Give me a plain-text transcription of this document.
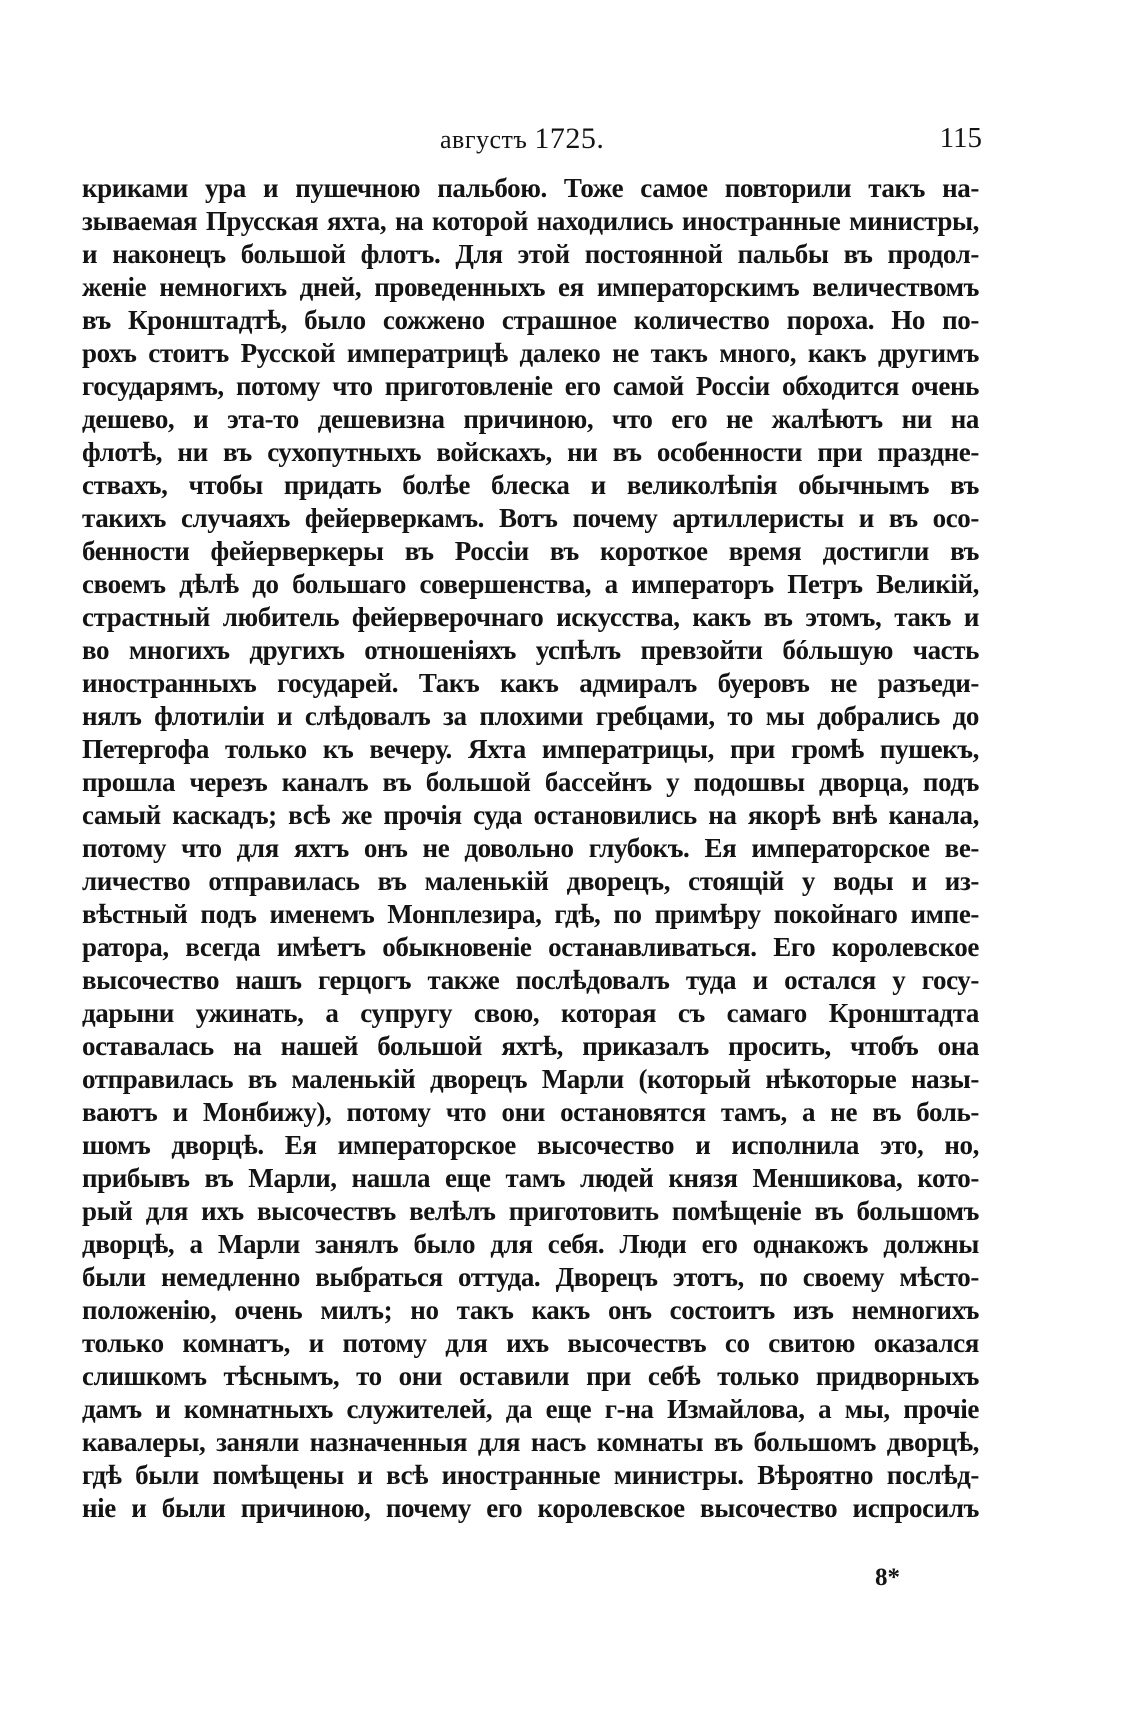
августъ 1725.	115
криками ура и пушечною пальбою. Тоже самое повторили такъ на-
зываемая Прусская яхта, на которой находились иностранные министры,
и наконецъ большой флотъ. Для этой постоянной пальбы въ продол-
женіе немногихъ дней, проведенныхъ ея императорскимъ величествомъ
въ Кронштадтѣ, было сожжено страшное количество пороха. Но по-
рохъ стоитъ Русской императрицѣ далеко не такъ много, какъ другимъ
государямъ, потому что приготовленіе его самой Россіи обходится очень
дешево, и эта-то дешевизна причиною, что его не жалѣютъ ни на
флотѣ, ни въ сухопутныхъ войскахъ, ни въ особенности при праздне-
ствахъ, чтобы придать болѣе блеска и великолѣпія обычнымъ въ
такихъ случаяхъ фейерверкамъ. Вотъ почему артиллеристы и въ осо-
бенности фейерверкеры въ Россіи въ короткое время достигли въ
своемъ дѣлѣ до большаго совершенства, а императоръ Петръ Великій,
страстный любитель фейерверочнаго искусства, какъ въ этомъ, такъ и
во многихъ другихъ отношеніяхъ успѣлъ превзойти бóльшую часть
иностранныхъ государей. Такъ какъ адмиралъ буеровъ не разъеди-
нялъ флотиліи и слѣдовалъ за плохими гребцами, то мы добрались до
Петергофа только къ вечеру. Яхта императрицы, при громѣ пушекъ,
прошла черезъ каналъ въ большой бассейнъ у подошвы дворца, подъ
самый каскадъ; всѣ же прочія суда остановились на якорѣ внѣ канала,
потому что для яхтъ онъ не довольно глубокъ. Ея императорское ве-
личество отправилась въ маленькій дворецъ, стоящій у воды и из-
вѣстный подъ именемъ Монплезира, гдѣ, по примѣру покойнаго импе-
ратора, всегда имѣетъ обыкновеніе останавливаться. Его королевское
высочество нашъ герцогъ также послѣдовалъ туда и остался у госу-
дарыни ужинать, а супругу свою, которая съ самаго Кронштадта
оставалась на нашей большой яхтѣ, приказалъ просить, чтобъ она
отправилась въ маленькій дворецъ Марли (который нѣкоторые назы-
ваютъ и Монбижу), потому что они остановятся тамъ, а не въ боль-
шомъ дворцѣ. Ея императорское высочество и исполнила это, но,
прибывъ въ Марли, нашла еще тамъ людей князя Меншикова, кото-
рый для ихъ высочествъ велѣлъ приготовить помѣщеніе въ большомъ
дворцѣ, а Марли занялъ было для себя. Люди его однакожъ должны
были немедленно выбраться оттуда. Дворецъ этотъ, по своему мѣсто-
положенію, очень милъ; но такъ какъ онъ состоитъ изъ немногихъ
только комнатъ, и потому для ихъ высочествъ со свитою оказался
слишкомъ тѣснымъ, то они оставили при себѣ только придворныхъ
дамъ и комнатныхъ служителей, да еще г-на Измайлова, а мы, прочіе
кавалеры, заняли назначенныя для насъ комнаты въ большомъ дворцѣ,
гдѣ были помѣщены и всѣ иностранные министры. Вѣроятно послѣд-
ніе и были причиною, почему его королевское высочество испросилъ
8*
